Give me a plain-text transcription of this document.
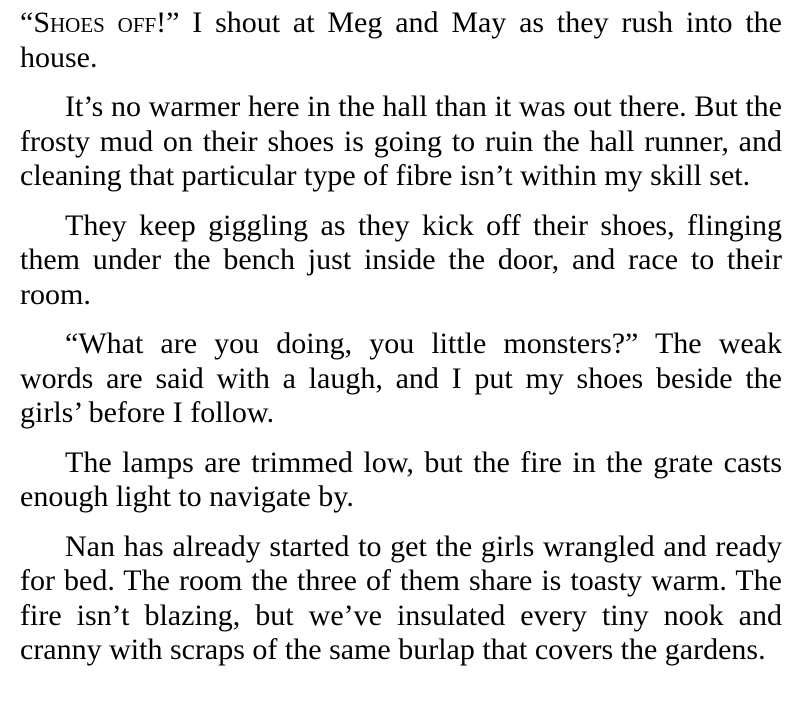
“Shoes off!” I shout at Meg and May as they rush into the house.

It’s no warmer here in the hall than it was out there. But the frosty mud on their shoes is going to ruin the hall runner, and cleaning that particular type of fibre isn’t within my skill set.

They keep giggling as they kick off their shoes, flinging them under the bench just inside the door, and race to their room.

“What are you doing, you little monsters?” The weak words are said with a laugh, and I put my shoes beside the girls’ before I follow.

The lamps are trimmed low, but the fire in the grate casts enough light to navigate by.

Nan has already started to get the girls wrangled and ready for bed. The room the three of them share is toasty warm. The fire isn’t blazing, but we’ve insulated every tiny nook and cranny with scraps of the same burlap that covers the gardens.
